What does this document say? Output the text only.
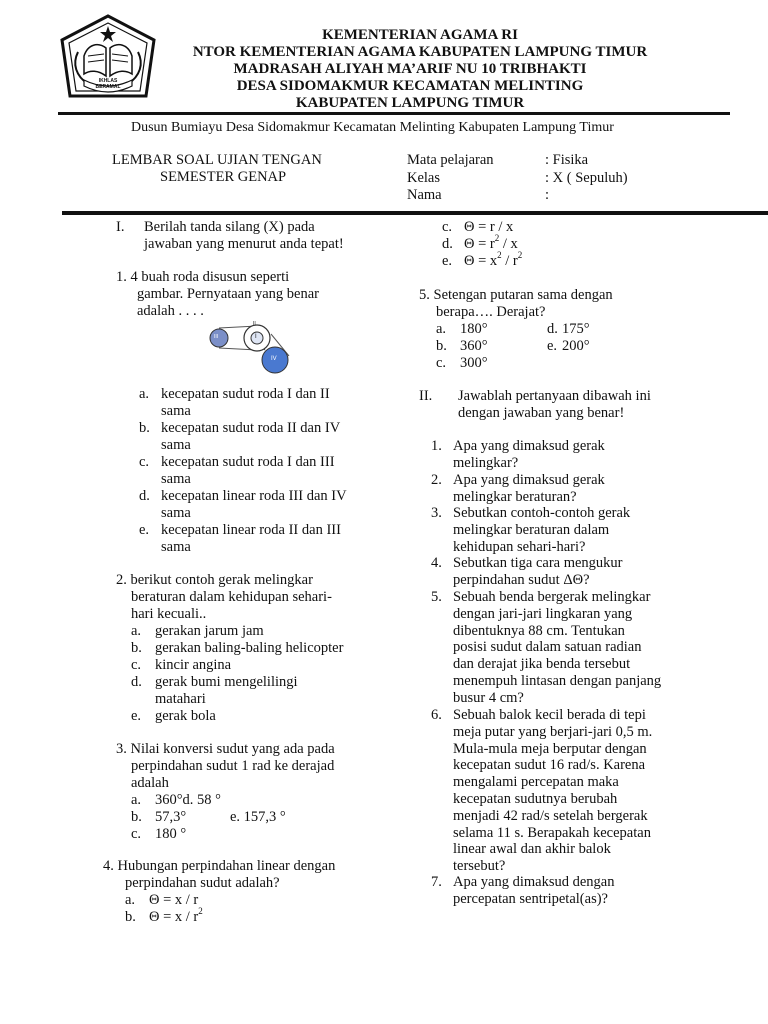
IKHLAS BERAMAL
KEMENTERIAN AGAMA RI
NTOR KEMENTERIAN AGAMA KABUPATEN LAMPUNG TIMUR
MADRASAH ALIYAH MA’ARIF NU 10 TRIBHAKTI
DESA SIDOMAKMUR KECAMATAN MELINTING
KABUPATEN LAMPUNG TIMUR
Dusun Bumiayu Desa Sidomakmur Kecamatan Melinting Kabupaten Lampung Timur
LEMBAR SOAL UJIAN TENGAN
SEMESTER GENAP
Mata pelajaran	: Fisika
Kelas	: X ( Sepuluh)
Nama	:
I. Berilah tanda silang (X) pada
jawaban yang menurut anda tepat!
1. 4 buah roda disusun seperti
gambar. Pernyataan yang benar
adalah . . . .
III	I
II
IV
a. kecepatan sudut roda I dan II
sama
b. kecepatan sudut roda II dan IV
sama
c. kecepatan sudut roda I dan III
sama
d. kecepatan linear roda III dan IV
sama
e. kecepatan linear roda II dan III
sama
2. berikut contoh gerak melingkar
beraturan dalam kehidupan sehari-
hari kecuali..
a. gerakan jarum jam
b. gerakan baling-baling helicopter
c. kincir angina
d. gerak bumi mengelilingi
matahari
e. gerak bola
3. Nilai konversi sudut yang ada pada
perpindahan sudut 1 rad ke derajad
adalah
a. 360°d. 58 °
b. 57,3°	e. 157,3 °
c. 180 °
4. Hubungan perpindahan linear dengan
perpindahan sudut adalah?
a. Θ = x / r
b. $\Theta = x / r^2$
c. Θ = r / x
d. $\Theta = r^2 / x$
e. $\Theta = x^2 / r^2$
5. Setengan putaran sama dengan
berapa…. Derajat?
a. 180°	d. 175°
b. 360°	e. 200°
c. 300°
II. Jawablah pertanyaan dibawah ini
dengan jawaban yang benar!
1. Apa yang dimaksud gerak
melingkar?
2. Apa yang dimaksud gerak
melingkar beraturan?
3. Sebutkan contoh-contoh gerak
melingkar beraturan dalam
kehidupan sehari-hari?
4. Sebutkan tiga cara mengukur
perpindahan sudut ΔΘ?
5. Sebuah benda bergerak melingkar
dengan jari-jari lingkaran yang
dibentuknya 88 cm. Tentukan
posisi sudut dalam satuan radian
dan derajat jika benda tersebut
menempuh lintasan dengan panjang
busur 4 cm?
6. Sebuah balok kecil berada di tepi
meja putar yang berjari-jari 0,5 m.
Mula-mula meja berputar dengan
kecepatan sudut 16 rad/s. Karena
mengalami percepatan maka
kecepatan sudutnya berubah
menjadi 42 rad/s setelah bergerak
selama 11 s. Berapakah kecepatan
linear awal dan akhir balok
tersebut?
7. Apa yang dimaksud dengan
percepatan sentripetal(as)?
